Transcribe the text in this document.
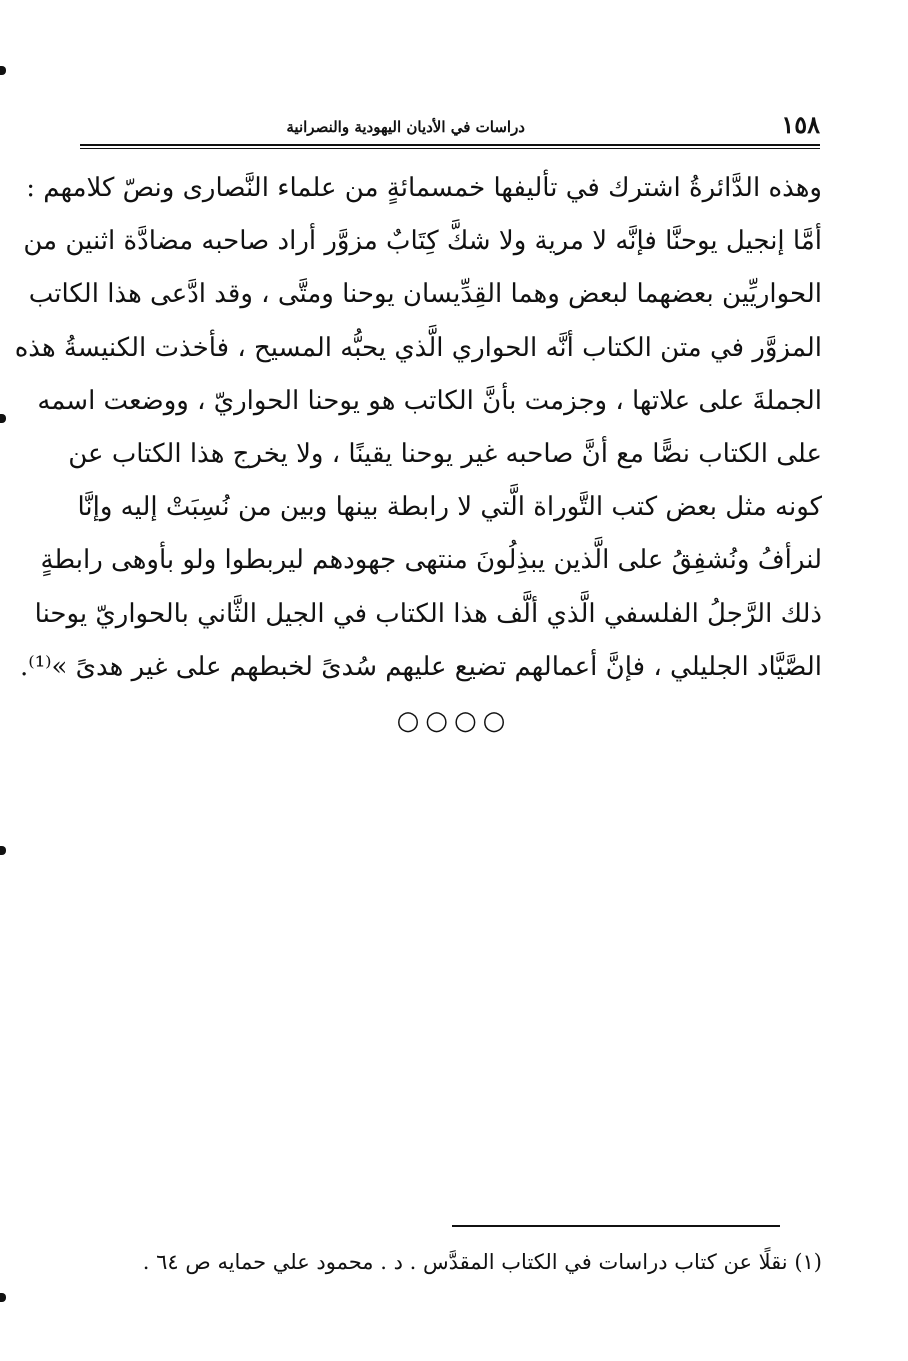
١٥٨
دراسات في الأديان اليهودية والنصرانية
وهذه الدَّائرةُ اشترك في تأليفها خمسمائةٍ من علماء النَّصارى ونصّ كلامهم :
أمَّا إنجيل يوحنَّا فإنَّه لا مرية ولا شكَّ كِتَابٌ مزوَّر أراد صاحبه مضادَّة اثنين من
الحواريِّين بعضهما لبعض وهما القِدِّيسان يوحنا ومتَّى ، وقد ادَّعى هذا الكاتب
المزوَّر في متن الكتاب أنَّه الحواري الَّذي يحبُّه المسيح ، فأخذت الكنيسةُ هذه
الجملةَ على علاتها ، وجزمت بأنَّ الكاتب هو يوحنا الحواريّ ، ووضعت اسمه
على الكتاب نصًّا مع أنَّ صاحبه غير يوحنا يقينًا ، ولا يخرج هذا الكتاب عن
كونه مثل بعض كتب التَّوراة الَّتي لا رابطة بينها وبين من نُسِبَتْ إليه وإنَّا
لنرأفُ ونُشفِقُ على الَّذين يبذِلُونَ منتهى جهودهم ليربطوا ولو بأوهى رابطةٍ
ذلك الرَّجلُ الفلسفي الَّذي ألَّف هذا الكتاب في الجيل الثَّاني بالحواريّ يوحنا
الصَّيَّاد الجليلي ، فإنَّ أعمالهم تضيع عليهم سُدىً لخبطهم على غير هدىً »⁽¹⁾.
○○○○
(١) نقلًا عن كتاب دراسات في الكتاب المقدَّس . د . محمود علي حمايه ص ٦٤ .
